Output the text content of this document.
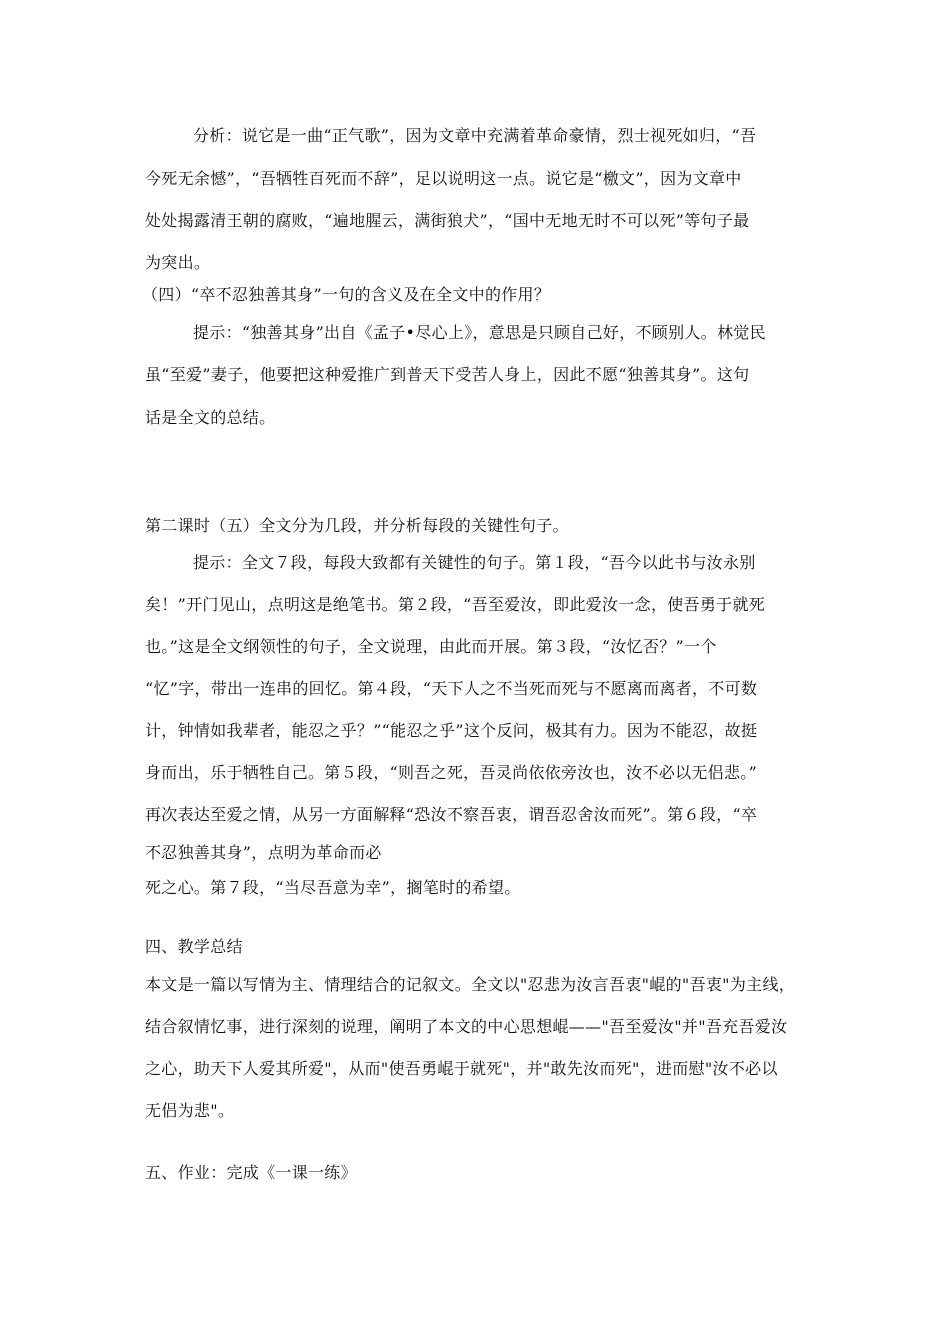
分析：说它是一曲“正气歌”，因为文章中充满着革命豪情，烈士视死如归，“吾
今死无余憾”，“吾牺牲百死而不辞”，足以说明这一点。说它是“檄文”，因为文章中
处处揭露清王朝的腐败，“遍地腥云，满街狼犬”，“国中无地无时不可以死”等句子最
为突出。
（四）“卒不忍独善其身”一句的含义及在全文中的作用？
提示：“独善其身”出自《孟子•尽心上》，意思是只顾自己好，不顾别人。林觉民
虽“至爱”妻子，他要把这种爱推广到普天下受苦人身上，因此不愿“独善其身”。这句
话是全文的总结。
第二课时（五）全文分为几段，并分析每段的关键性句子。
提示：全文７段，每段大致都有关键性的句子。第１段，“吾今以此书与汝永别
矣！”开门见山，点明这是绝笔书。第２段，“吾至爱汝，即此爱汝一念，使吾勇于就死
也。”这是全文纲领性的句子，全文说理，由此而开展。第３段，“汝忆否？”一个
“忆”字，带出一连串的回忆。第４段，“天下人之不当死而死与不愿离而离者，不可数
计，钟情如我辈者，能忍之乎？”“能忍之乎”这个反问，极其有力。因为不能忍，故挺
身而出，乐于牺牲自己。第５段，“则吾之死，吾灵尚依依旁汝也，汝不必以无侣悲。”
再次表达至爱之情，从另一方面解释“恐汝不察吾衷，谓吾忍舍汝而死”。第６段，“卒
不忍独善其身”，点明为革命而必
死之心。第７段，“当尽吾意为幸”，搁笔时的希望。
四、教学总结
本文是一篇以写情为主、情理结合的记叙文。全文以"忍悲为汝言吾衷"崐的"吾衷"为主线，
结合叙情忆事，进行深刻的说理，阐明了本文的中心思想崐——"吾至爱汝"并"吾充吾爱汝
之心，助天下人爱其所爱"，从而"使吾勇崐于就死"，并"敢先汝而死"，进而慰"汝不必以
无侣为悲"。
五、作业：完成《一课一练》
